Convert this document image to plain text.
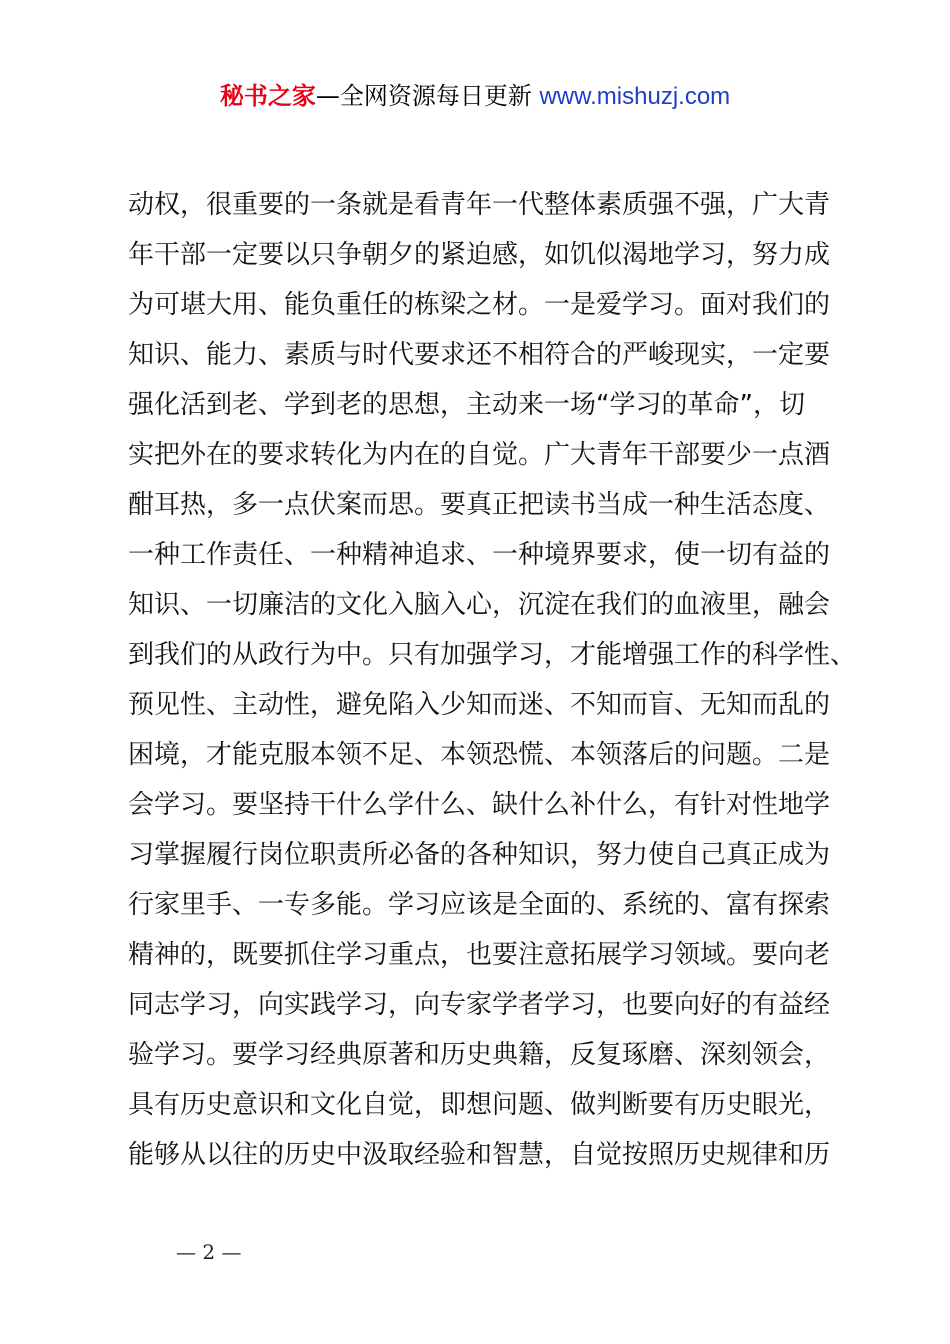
秘书之家—全网资源每日更新 www.mishuzj.com
动权，很重要的一条就是看青年一代整体素质强不强，广大青
年干部一定要以只争朝夕的紧迫感，如饥似渴地学习，努力成
为可堪大用、能负重任的栋梁之材。一是爱学习。面对我们的
知识、能力、素质与时代要求还不相符合的严峻现实，一定要
强化活到老、学到老的思想，主动来一场“学习的革命”，切
实把外在的要求转化为内在的自觉。广大青年干部要少一点酒
酣耳热，多一点伏案而思。要真正把读书当成一种生活态度、
一种工作责任、一种精神追求、一种境界要求，使一切有益的
知识、一切廉洁的文化入脑入心，沉淀在我们的血液里，融会
到我们的从政行为中。只有加强学习，才能增强工作的科学性、
预见性、主动性，避免陷入少知而迷、不知而盲、无知而乱的
困境，才能克服本领不足、本领恐慌、本领落后的问题。二是
会学习。要坚持干什么学什么、缺什么补什么，有针对性地学
习掌握履行岗位职责所必备的各种知识，努力使自己真正成为
行家里手、一专多能。学习应该是全面的、系统的、富有探索
精神的，既要抓住学习重点，也要注意拓展学习领域。要向老
同志学习，向实践学习，向专家学者学习，也要向好的有益经
验学习。要学习经典原著和历史典籍，反复琢磨、深刻领会，
具有历史意识和文化自觉，即想问题、做判断要有历史眼光，
能够从以往的历史中汲取经验和智慧，自觉按照历史规律和历
— 2 —
